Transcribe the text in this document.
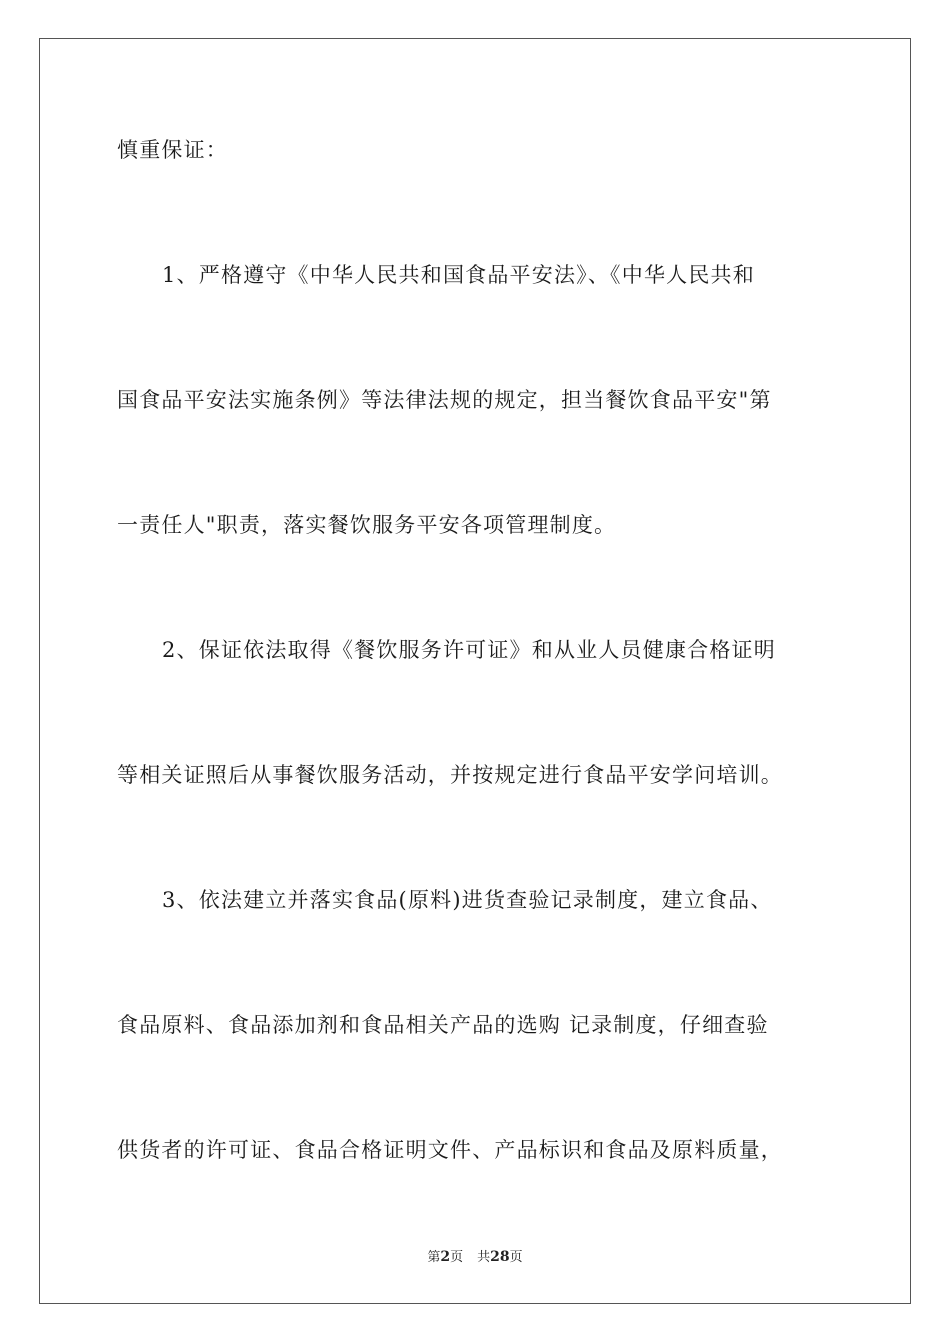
慎重保证：
1、严格遵守《中华人民共和国食品平安法》、《中华人民共和
国食品平安法实施条例》等法律法规的规定，担当餐饮食品平安"第
一责任人"职责，落实餐饮服务平安各项管理制度。
2、保证依法取得《餐饮服务许可证》和从业人员健康合格证明
等相关证照后从事餐饮服务活动，并按规定进行食品平安学问培训。
3、依法建立并落实食品(原料)进货查验记录制度，建立食品、
食品原料、食品添加剂和食品相关产品的选购 记录制度，仔细查验
供货者的许可证、食品合格证明文件、产品标识和食品及原料质量，
第2页 共28页
